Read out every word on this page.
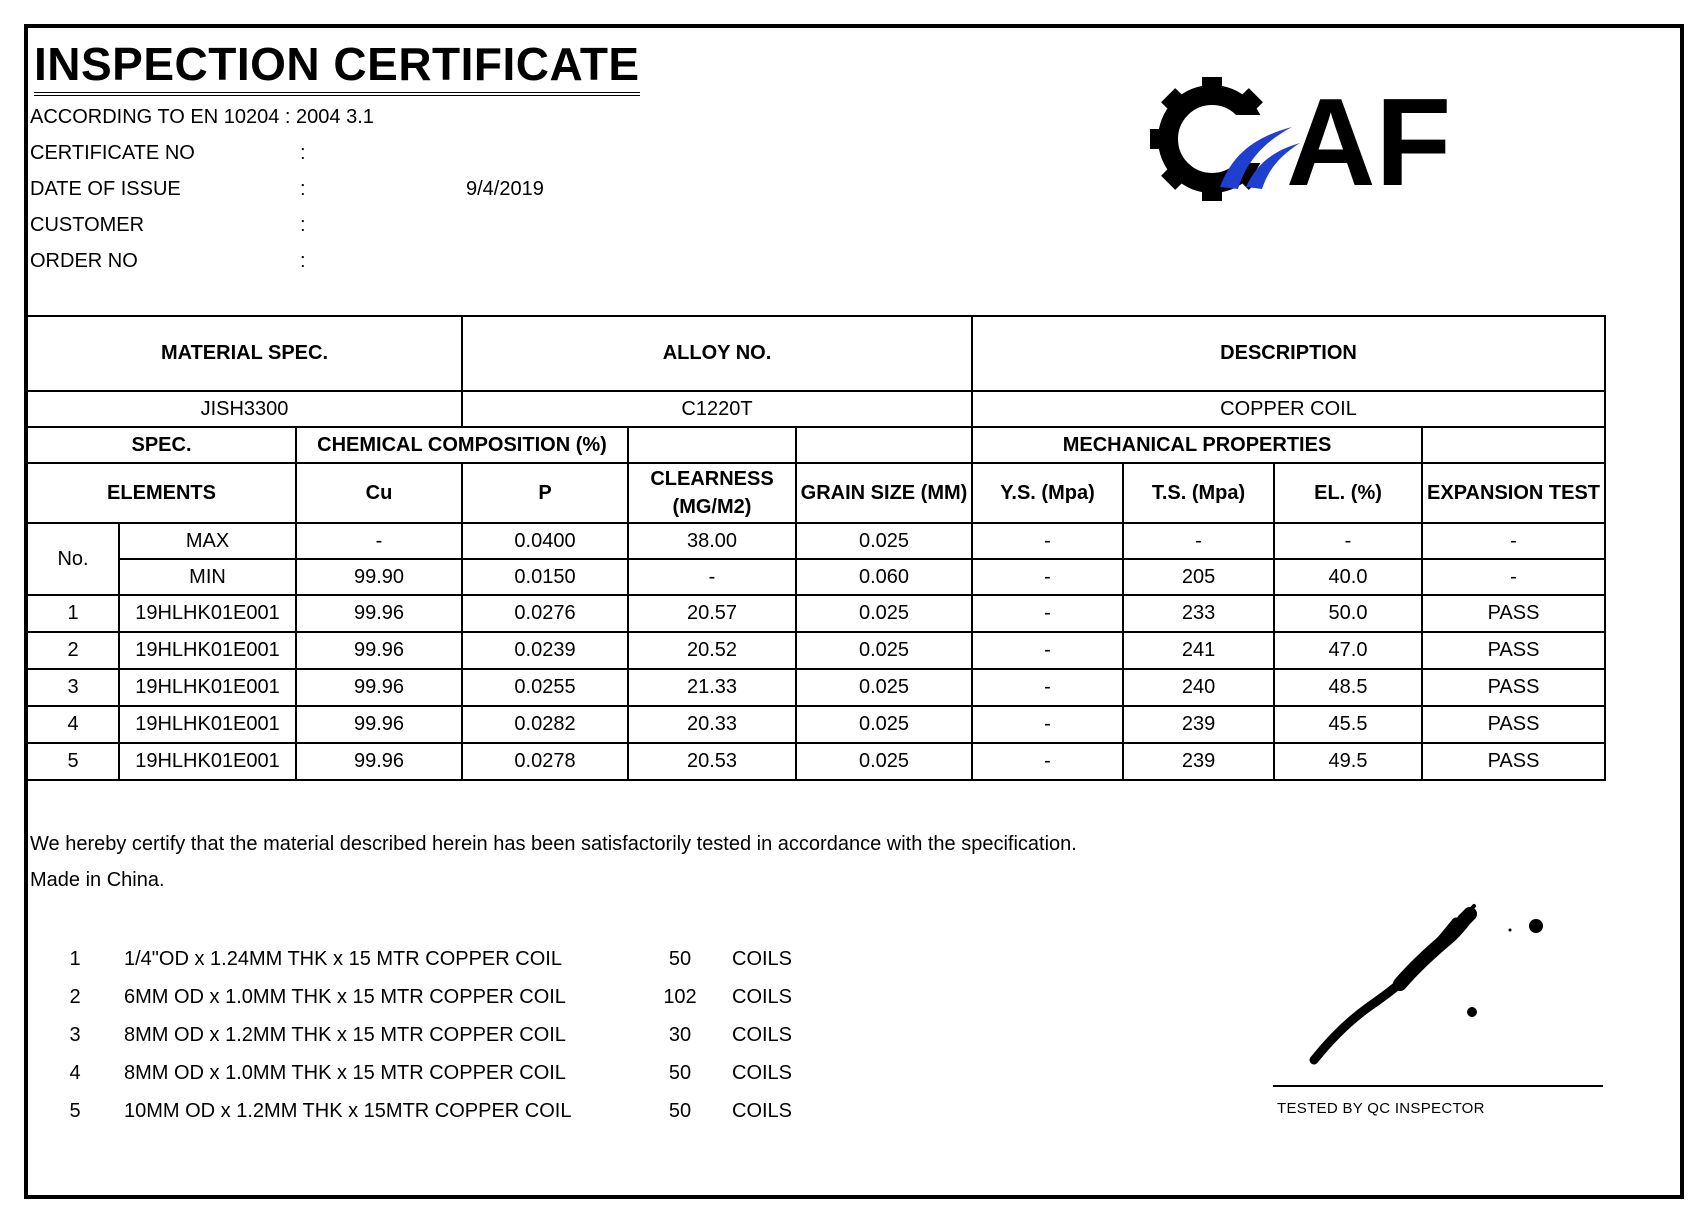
INSPECTION CERTIFICATE
ACCORDING TO EN 10204 : 2004 3.1
CERTIFICATE NO	:
DATE OF ISSUE	:	9/4/2019
CUSTOMER	:
ORDER NO	:
AF
MATERIAL SPEC.			ALLOY NO.			DESCRIPTION			
JISH3300			C1220T			COPPER COIL			
SPEC.		CHEMICAL COMPOSITION (%)				MECHANICAL PROPERTIES			
ELEMENTS		Cu	P	CLEARNESS (MG/M2)	GRAIN SIZE (MM)	Y.S. (Mpa)	T.S. (Mpa)	EL. (%)	EXPANSION TEST
No.	MAX	-	0.0400	38.00	0.025	-	-	-	-
	MIN	99.90	0.0150	-	0.060	-	205	40.0	-
1	19HLHK01E001	99.96	0.0276	20.57	0.025	-	233	50.0	PASS
2	19HLHK01E001	99.96	0.0239	20.52	0.025	-	241	47.0	PASS
3	19HLHK01E001	99.96	0.0255	21.33	0.025	-	240	48.5	PASS
4	19HLHK01E001	99.96	0.0282	20.33	0.025	-	239	45.5	PASS
5	19HLHK01E001	99.96	0.0278	20.53	0.025	-	239	49.5	PASS
We hereby certify that the material described herein has been satisfactorily tested in accordance with the specification.
Made in China.
1	1/4"OD x 1.24MM THK x 15 MTR COPPER COIL	50	COILS
2	6MM OD x 1.0MM THK x 15 MTR COPPER COIL	102	COILS
3	8MM OD x 1.2MM THK x 15 MTR COPPER COIL	30	COILS
4	8MM OD x 1.0MM THK x 15 MTR COPPER COIL	50	COILS
5	10MM OD x 1.2MM THK x 15MTR COPPER COIL	50	COILS	TESTED BY QC INSPECTOR
